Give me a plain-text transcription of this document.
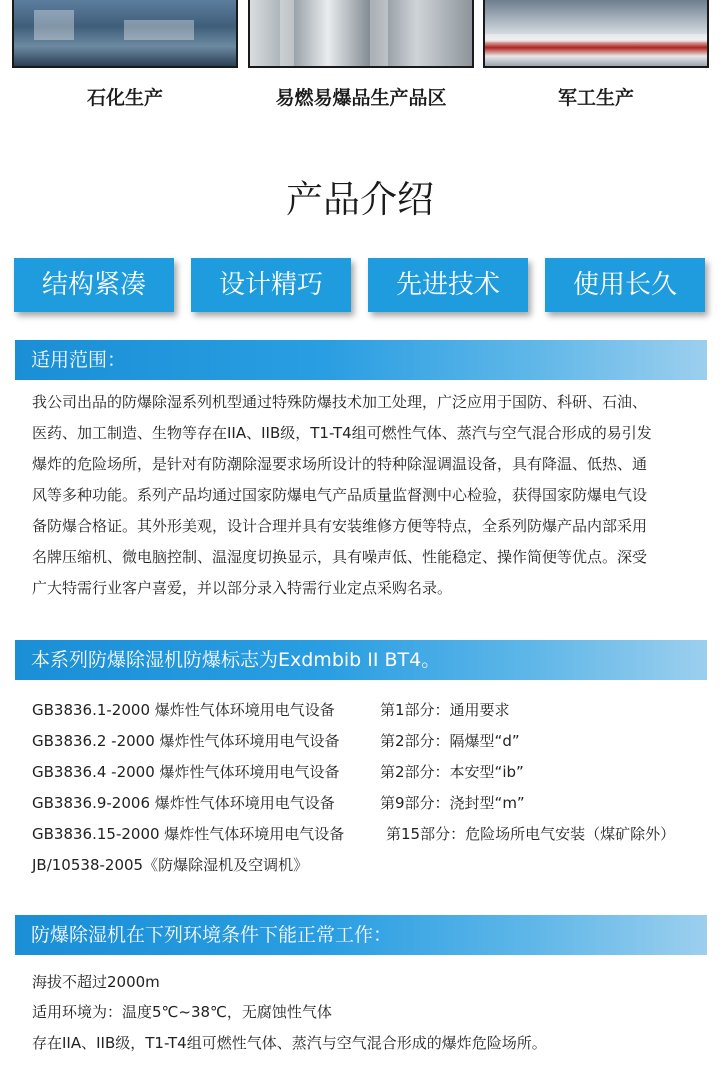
石化生产	易燃易爆品生产品区	军工生产
产品介绍
结构紧凑	设计精巧	先进技术	使用长久
适用范围：

我公司出品的防爆除湿系列机型通过特殊防爆技术加工处理，广泛应用于国防、科研、石油、

医药、加工制造、生物等存在IIA、IIB级，T1-T4组可燃性气体、蒸汽与空气混合形成的易引发

爆炸的危险场所，是针对有防潮除湿要求场所设计的特种除湿调温设备，具有降温、低热、通

风等多种功能。系列产品均通过国家防爆电气产品质量监督测中心检验，获得国家防爆电气设

备防爆合格证。其外形美观，设计合理并具有安装维修方便等特点，全系列防爆产品内部采用

名牌压缩机、微电脑控制、温湿度切换显示，具有噪声低、性能稳定、操作简便等优点。深受

广大特需行业客户喜爱，并以部分录入特需行业定点采购名录。

本系列防爆除湿机防爆标志为Exdmbib II BT4。
GB3836.1-2000 爆炸性气体环境用电气设备	第1部分：通用要求
GB3836.2 -2000 爆炸性气体环境用电气设备	第2部分：隔爆型“d”
GB3836.4 -2000 爆炸性气体环境用电气设备	第2部分：本安型“ib”
GB3836.9-2006 爆炸性气体环境用电气设备	第9部分：浇封型“m”
GB3836.15-2000 爆炸性气体环境用电气设备	第15部分：危险场所电气安装（煤矿除外）
JB/10538-2005《防爆除湿机及空调机》
防爆除湿机在下列环境条件下能正常工作：
海拔不超过2000m
适用环境为：温度5℃~38℃，无腐蚀性气体
存在IIA、IIB级，T1-T4组可燃性气体、蒸汽与空气混合形成的爆炸危险场所。
